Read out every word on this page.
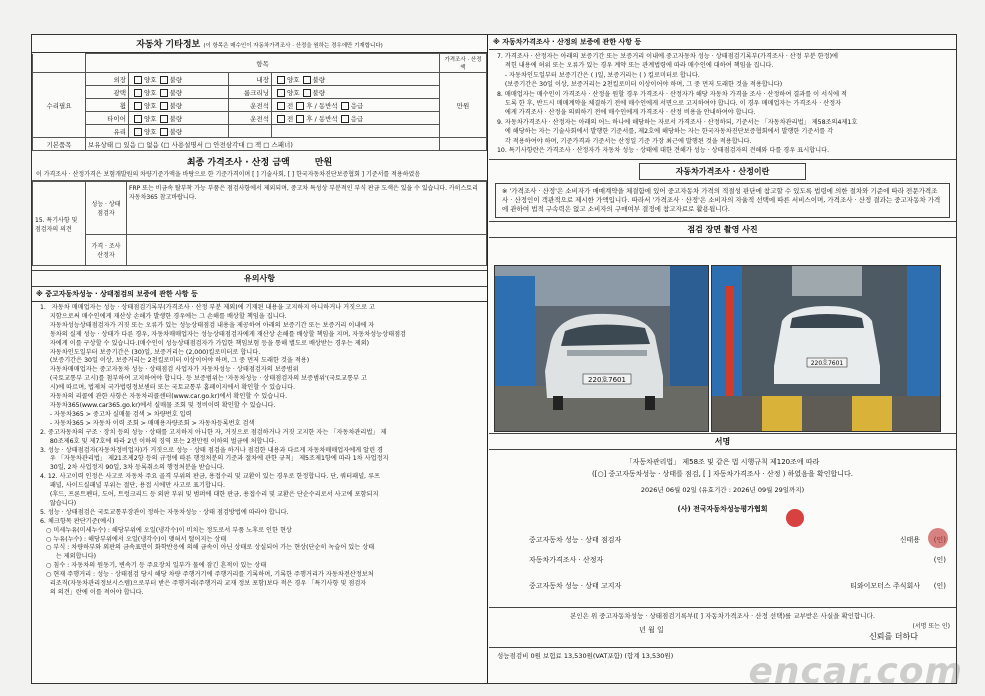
자동차 기타정보 (이 항목은 매수인이 자동차가격조사 · 산정을 원하는 경우에만 기재합니다)
	항목				가격조사 · 산정액
수리필요	외장	양호 불량	내장	양호 불량	만원
	광택	양호 불량	룸크리닝	양호 불량	
	휠	양호 불량	운전석	전 후 / 동반석 응급	
	타이어	양호 불량	운전석	전 후 / 동반석 응급	
	유리	양호 불량			
기본품목	보유상태 □ 있음 □ 없음 (□ 사용설명서 □ 안전삼각대 □ 잭 □ 스패너)				
최종 가격조사 · 산정 금액	만원
이 가격조사 · 산정가격은 보험개발원의 차량기준가액을 바탕으로 한 기준가격이며 [ ] 기술사회, [ ] 한국자동차진단보증협회 ] 기준서를 적용하였음
15. 특기사항 및 점검자의 의견	성능 · 상태 점검자	FRP 또는 비금속 탈부착 가능 부품은 점검사항에서 제외되며, 중고차 특성상 부분적인 부식 판금 도색은 있을 수 있습니다. 카히스토리 자동차365 참고바랍니다.
	가격 · 조사 산정자	
유의사항
※ 중고자동차성능 · 상태점검의 보증에 관한 사항 등
1.   자동차 매매업자는 성능 · 상태점검기록부(가격조사 · 산정 부분 제외)에 기재된 내용을 고지하지 아니하거나 거짓으로 고
지함으로써 매수인에게 재산상 손해가 발생한 경우에는 그 손해를 배상할 책임을 집니다.
자동차성능상태점검자가 거짓 또는 오류가 있는 성능상태점검 내용을 제공하여 아래의 보증기간 또는 보증거리 이내에 자
동차의 실제 성능 · 상태가 다른 경우, 자동차매매업자는 성능상태점검자에게 재산상 손해를 배상할 책임을 지며, 자동차성능상태점검
자에게 이를 구상할 수 있습니다.(매수인이 성능상태점검자가 가입한 책임보험 등을 통해 별도로 배상받는 경우는 제외)
자동차인도일부터 보증기간은 (30)일, 보증거리는 (2,000)킬로미터로 합니다.
(보증기간은 30일 이상, 보증거리는 2천킬로미터 이상이어야 하며, 그 중 먼저 도래한 것을 적용)
자동차매매업자는 중고자동차 성능 · 상태점검 사업자가 자동차성능 · 상태점검자의 보증범위
(국토교통부 고시)를 첨부하여 고지하여야 합니다. 등 보증범위는 '자동차성능 · 상태점검자의 보증범위'(국토교통부 고
시)에 따르며, 법제처 국가법령정보센터 또는 국토교통부 홈페이지에서 확인할 수 있습니다.
자동차의 리콜에 관한 사항은 자동차리콜센터(www.car.go.kr)에서 확인할 수 있습니다.
자동차365(www.car365.go.kr)에서 실매물 조회 및 정비이력 확인할 수 있습니다.
- 자동차365 > 중고차 실매물 검색 > 차량번호 입력
- 자동차365 > 자동차 이력 조회 > 매매용자량조회 > 자동차등록번호 검색
2. 중고자동차의 구조 · 장치 등의 성능 · 상태를 고지하지 아니한 자, 거짓으로 점검하거나 거짓 고지한 자는 「자동차관리법」 제
80조제6호 및 제7호에 따라 2년 이하의 징역 또는 2천만원 이하의 벌금에 처합니다.
3. 성능 · 상태점검자(자동차정비업자)가 거짓으로 성능 · 상태 점검을 하거나 점검한 내용과 다르게 자동차매매업자에게 알린 경
우 「자동차관리법」 제21조제2항 등의 규정에 따른 행정처분의 기준과 절차에 관한 규칙」 제5조제1항에 따라 1차 사업정지
30일, 2차 사업정지 90일, 3차 등록취소의 행정처분을 받습니다.
4. 12. 사고이력 인정은 사고로 자동차 주요 골격 부위의 판금, 용접수리 및 교환이 있는 경우로 한정합니다. 단, 쿼터패널, 루프
패널, 사이드실패널 부위는 절단, 용접 시에만 사고로 표기합니다.
(후드, 프론트펜더, 도어, 트렁크리드 등 외판 부위 및 범퍼에 대한 판금, 용접수리 및 교환은 단순수리로서 사고에 포함되지
않습니다)
5. 성능 · 상태점검은 국토교통부장관이 정하는 자동차성능 · 상태 점검방법에 따라야 합니다.
6. 체크항목 판단기준(예시)
○ 미세누유(미세누수) : 해당부위에 오일(냉각수)이 비치는 정도로서 부품 노후로 인한 현상
○ 누유(누수) : 해당부위에서 오일(냉각수)이 맺혀서 떨어지는 상태
○ 부식 : 차량하부와 외판의 금속표면이 화학반응에 의해 금속이 아닌 상태로 상실되어 가는 현상(단순히 녹슬어 있는 상태
는 제외합니다)
○ 침수 : 자동차의 원동기, 변속기 등 주요장치 일부가 물에 잠긴 흔적이 있는 상태
○ 현재 주행거리 : 성능 · 상태점검 당시 해당 차량 주행거기에 주행거리를 기록하며, 기록한 주행거리가 자동차전산정보처
리조직(자동차관리정보시스템)으로부터 받은 주행거리(주행거리 교재 정보 포함)보다 적은 경우 「특기사항 및 점검자
의 의견」란에 이를 적어야 합니다.
※ 자동차가격조사 · 산정의 보증에 관한 사항 등
7. 가격조사 · 산정자는 아래의 보증기간 또는 보증거리 이내에 중고자동차 성능 · 상태점검기록부(가격조사 · 산정 부분 한정)에
적힌 내용에 허위 또는 오류가 있는 경우 계약 또는 관계법령에 따라 매수인에 대하여 책임을 집니다.
- 자동차인도일부터 보증기간은 ( )일, 보증거리는 ( ) 킬로미터로 합니다.
(보증기간은 30일 이상, 보증거리는 2천킬로미터 이상이어야 하며, 그 중 먼저 도래한 것을 적용합니다)
8. 매매업자는 매수인이 가격조사 · 산정을 원할 경우 가격조사 · 산정자가 해당 자동차 가격을 조사 · 산정하여 결과를 이 서식에 적
도록 한 후, 반드시 매매계약을 체결하기 전에 매수인에게 서면으로 고지하여야 합니다. 이 경우 매매업자는 가격조사 · 산정자
에게 가격조사 · 산정을 의뢰하기 전에 매수인에게 가격조사 · 산정 비용을 안내하여야 합니다.
9. 자동차가격조사 · 산정자는 아래의 어느 하나에 해당하는 자로서 가격조사 · 산정하되, 기준서는 「자동차관리법」 제58조의4제1호
에 해당하는 자는 기술사회에서 발행한 기준서를, 제2호에 해당하는 자는 한국자동차진단보증협회에서 발행한 기준서를 각
각 적용하여야 하며, 기준가격과 기준서는 산정일 기준 가장 최근에 발행된 것을 적용합니다.
10. 특기사항란은 가격조사 · 산정자가 자동차 성능 · 상태에 대한 견해가 성능 · 상태점검자의 견해와 다를 경우 표시합니다.
자동차가격조사 · 산정이란
※ '가격조사 · 산정'은 소비자가 매매계약을 체결함에 있어 중고자동차 가격의 적절성 판단에 참고할 수 있도록 법령에 의한 절차와 기준에 따라 전문가격조사 · 산정인이 객관적으로 제시한 가액입니다. 따라서 '가격조사 · 산정'은 소비자의 자율적 선택에 따른 서비스이며, 가격조사 · 산정 결과는 중고자동차 가격에 관하여 법적 구속력은 없고 소비자의 구매여부 결정에 참고자료로 활용됩니다.
점검 장면 촬영 사진
220호7601
220호7601
서명
「자동차관리법」 제58조 및 같은 법 시행규칙 제120조에 따라
([○] 중고자동차성능 · 상태를 점검, [ ] 자동차가격조사 · 산정 ) 하였음을 확인합니다.
2026년 06월 02일 (유효기간 : 2026년 09월 29일까지)
(사) 전국자동차성능평가협회
중고자동차 성능 · 상태 점검자	신태용
자동차가격조사 · 산정자	(인)
중고자동차 성능 · 상태 고지자	티와이모터스 주식회사 (인)
본인은 위 중고자동차성능 · 상태점검기록부([ ] 자동차가격조사 · 산정 선택)를 교부받은 사실을 확인합니다.
년 월 일
신뢰를 더하다
(서명 또는 인)
성능점검비 0원 보험료 13,530원(VAT포함) (합계 13,530원)	encar.com
